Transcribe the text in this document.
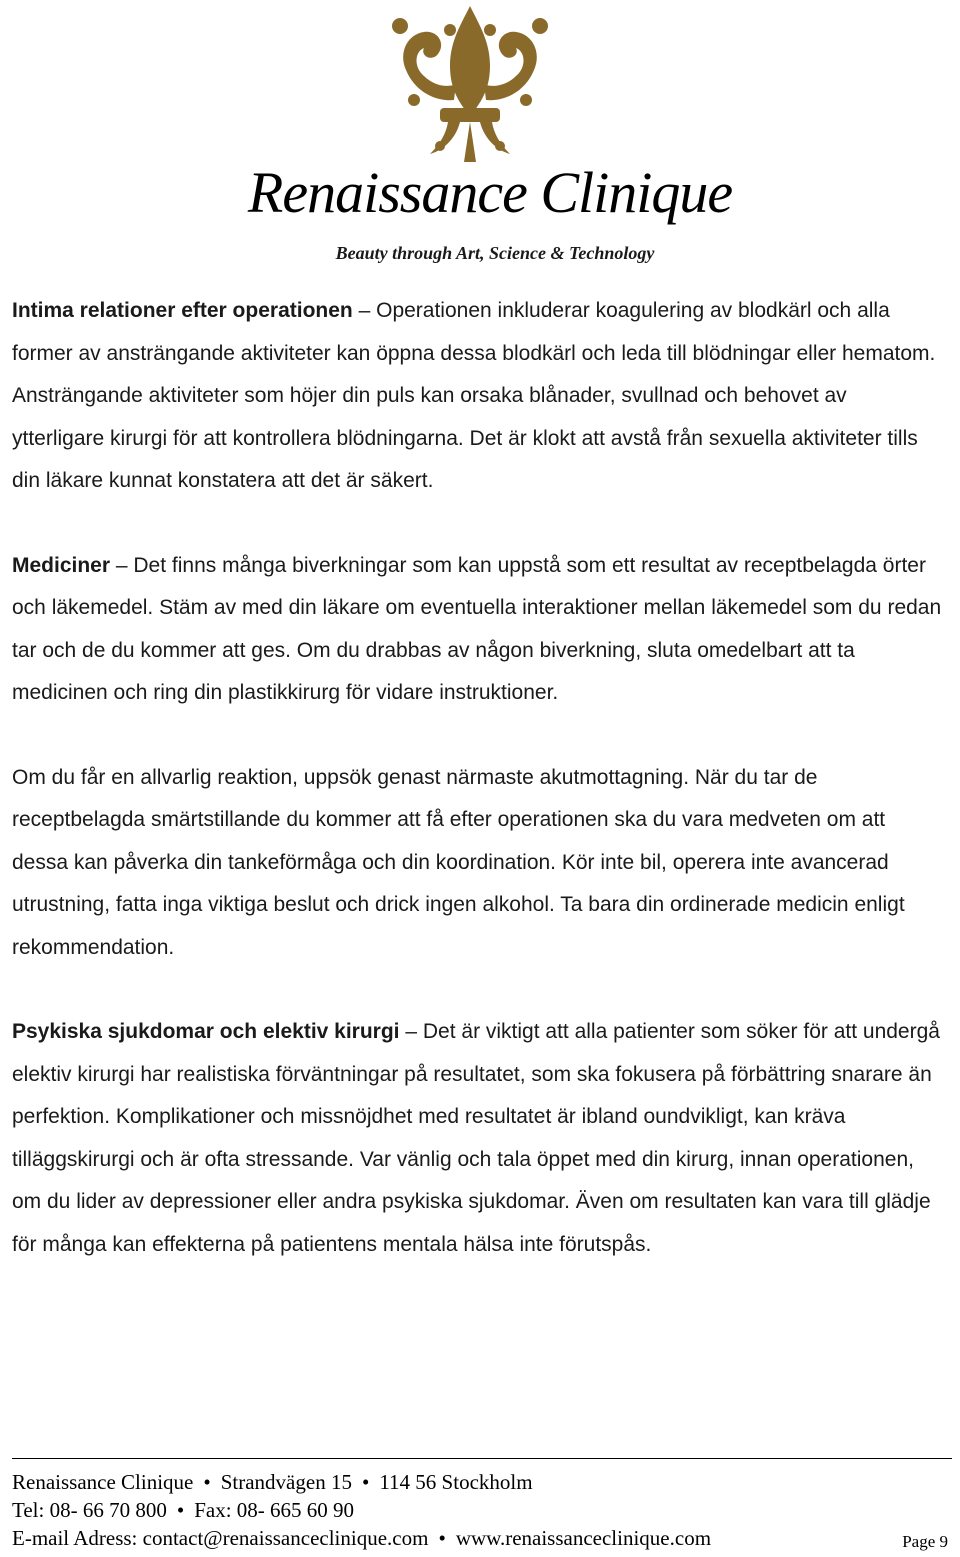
Renaissance Clinique
Beauty through Art, Science & Technology

Intima relationer efter operationen – Operationen inkluderar koagulering av blodkärl och alla former av ansträngande aktiviteter kan öppna dessa blodkärl och leda till blödningar eller hematom. Ansträngande aktiviteter som höjer din puls kan orsaka blånader, svullnad och behovet av ytterligare kirurgi för att kontrollera blödningarna. Det är klokt att avstå från sexuella aktiviteter tills din läkare kunnat konstatera att det är säkert.

Mediciner – Det finns många biverkningar som kan uppstå som ett resultat av receptbelagda örter och läkemedel. Stäm av med din läkare om eventuella interaktioner mellan läkemedel som du redan tar och de du kommer att ges. Om du drabbas av någon biverkning, sluta omedelbart att ta medicinen och ring din plastikkirurg för vidare instruktioner.

Om du får en allvarlig reaktion, uppsök genast närmaste akutmottagning. När du tar de receptbelagda smärtstillande du kommer att få efter operationen ska du vara medveten om att dessa kan påverka din tankeförmåga och din koordination. Kör inte bil, operera inte avancerad utrustning, fatta inga viktiga beslut och drick ingen alkohol. Ta bara din ordinerade medicin enligt rekommendation.

Psykiska sjukdomar och elektiv kirurgi – Det är viktigt att alla patienter som söker för att undergå elektiv kirurgi har realistiska förväntningar på resultatet, som ska fokusera på förbättring snarare än perfektion. Komplikationer och missnöjdhet med resultatet är ibland oundvikligt, kan kräva tilläggskirurgi och är ofta stressande. Var vänlig och tala öppet med din kirurg, innan operationen, om du lider av depressioner eller andra psykiska sjukdomar. Även om resultaten kan vara till glädje för många kan effekterna på patientens mentala hälsa inte förutspås.

Renaissance Clinique • Strandvägen 15 • 114 56 Stockholm
Tel: 08- 66 70 800 • Fax: 08- 665 60 90
E-mail Adress: contact@renaissanceclinique.com • www.renaissanceclinique.com	Page 9
